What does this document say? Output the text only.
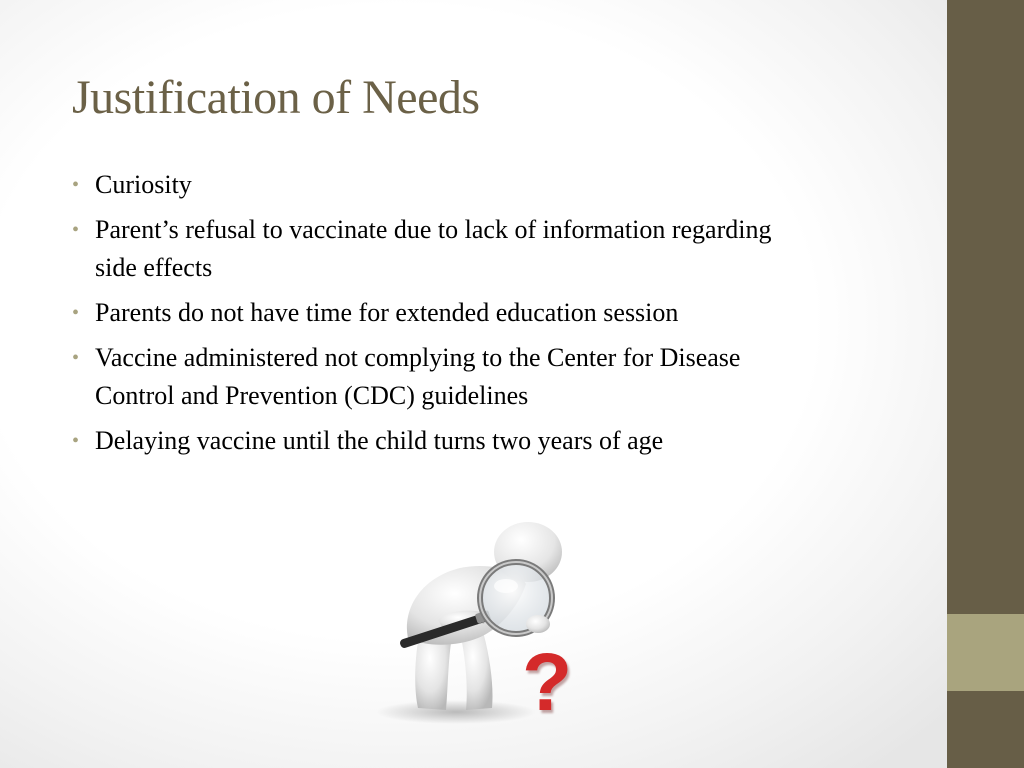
Justification of Needs
• Curiosity
• Parent’s refusal to vaccinate due to lack of information regarding side effects
• Parents do not have time for extended education session
• Vaccine administered not complying to the Center for Disease Control and Prevention (CDC) guidelines
• Delaying vaccine until the child turns two years of age
?
